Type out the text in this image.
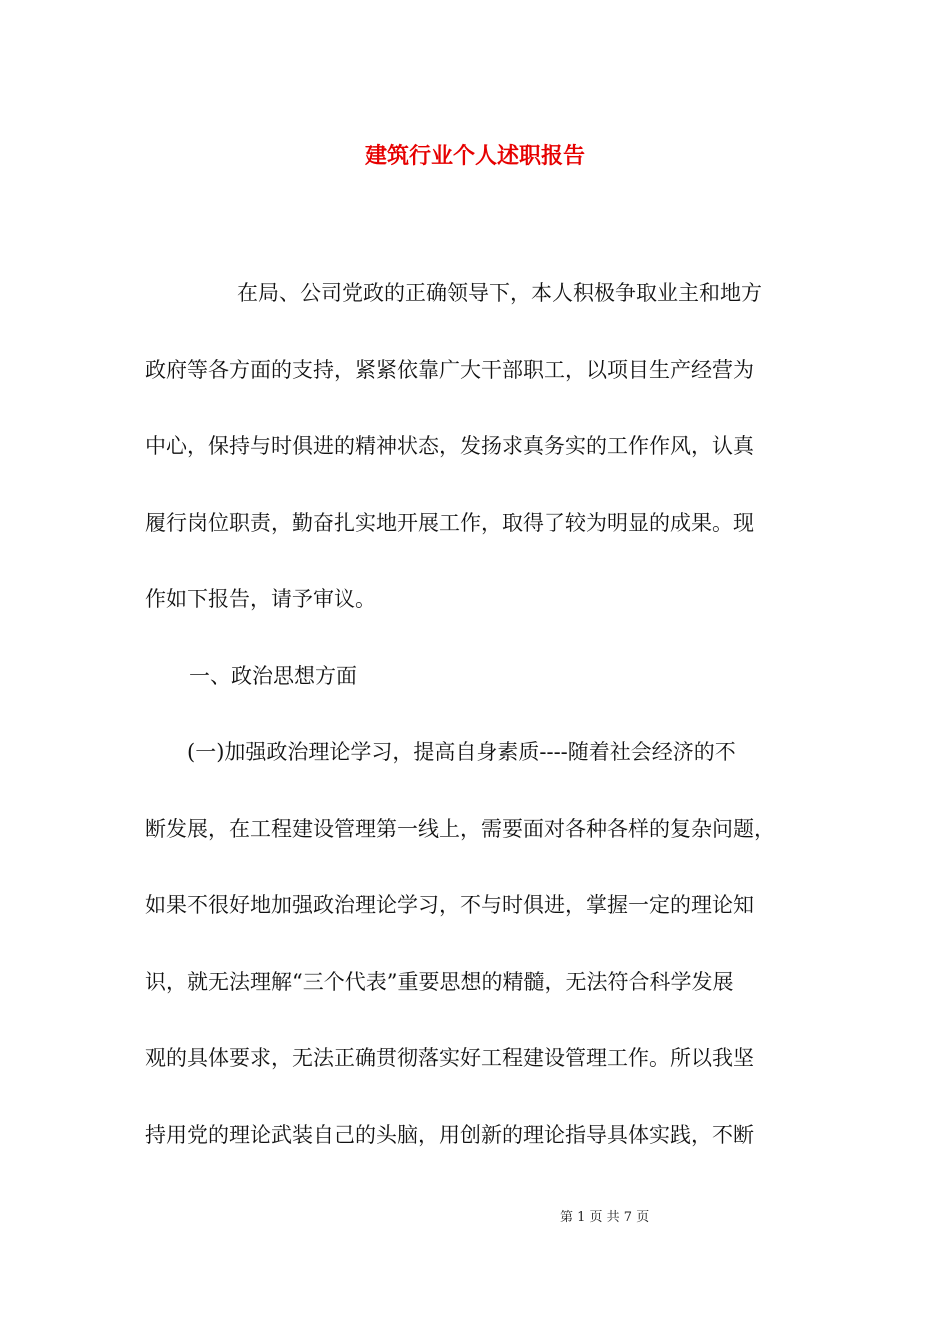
建筑行业个人述职报告

在局、公司党政的正确领导下，本人积极争取业主和地方

政府等各方面的支持，紧紧依靠广大干部职工，以项目生产经营为

中心，保持与时俱进的精神状态，发扬求真务实的工作作风，认真

履行岗位职责，勤奋扎实地开展工作，取得了较为明显的成果。现

作如下报告，请予审议。

一、政治思想方面

(一)加强政治理论学习，提高自身素质----随着社会经济的不

断发展，在工程建设管理第一线上，需要面对各种各样的复杂问题，

如果不很好地加强政治理论学习，不与时俱进，掌握一定的理论知

识，就无法理解“三个代表”重要思想的精髓，无法符合科学发展

观的具体要求，无法正确贯彻落实好工程建设管理工作。所以我坚

持用党的理论武装自己的头脑，用创新的理论指导具体实践，不断

第 1 页 共 7 页
